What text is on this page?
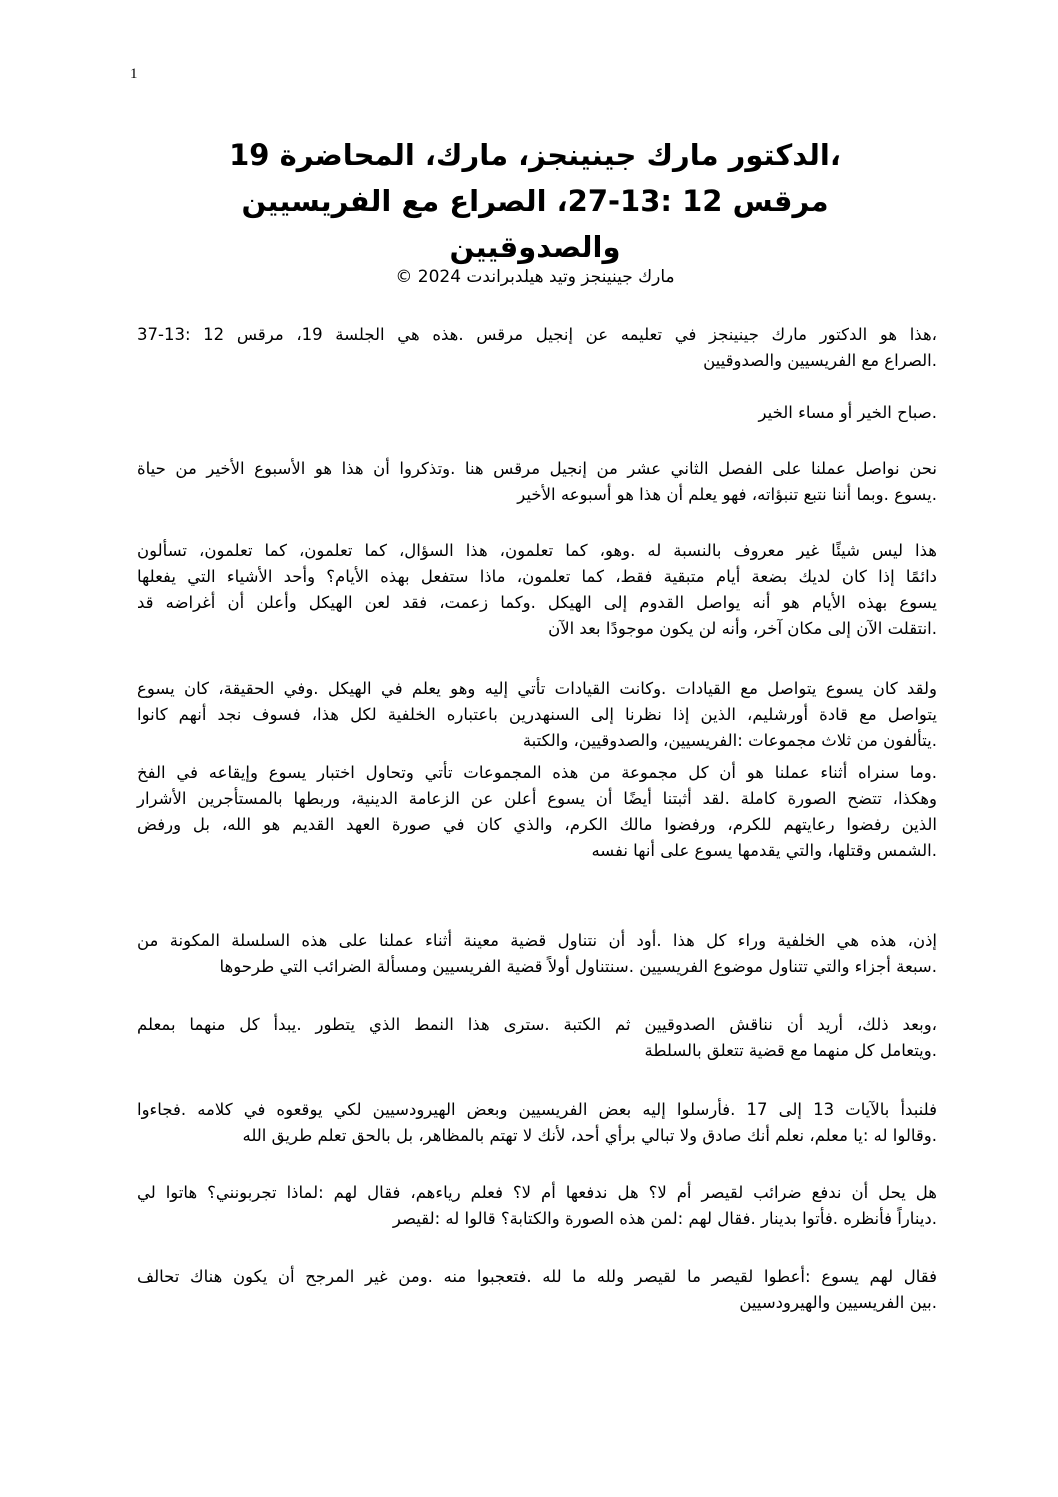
1
،الدكتور مارك جينينجز، مارك، المحاضرة 19
مرقس 12 :13-27، الصراع مع الفريسيين
والصدوقيين
مارك جينينجز وتيد هيلدبراندت 2024 ©
،هذا هو الدكتور مارك جينينجز في تعليمه عن إنجيل مرقس .هذه هي الجلسة 19، مرقس 12 :13-37
.الصراع مع الفريسيين والصدوقيين
.صباح الخير أو مساء الخير
نحن نواصل عملنا على الفصل الثاني عشر من إنجيل مرقس هنا .وتذكروا أن هذا هو الأسبوع الأخير من حياة
.يسوع .وبما أننا نتبع تنبؤاته، فهو يعلم أن هذا هو أسبوعه الأخير
هذا ليس شيئًا غير معروف بالنسبة له .وهو، كما تعلمون، هذا السؤال، كما تعلمون، كما تعلمون، تسألون
دائمًا إذا كان لديك بضعة أيام متبقية فقط، كما تعلمون، ماذا ستفعل بهذه الأيام؟ وأحد الأشياء التي يفعلها
يسوع بهذه الأيام هو أنه يواصل القدوم إلى الهيكل .وكما زعمت، فقد لعن الهيكل وأعلن أن أغراضه قد
.انتقلت الآن إلى مكان آخر، وأنه لن يكون موجودًا بعد الآن
ولقد كان يسوع يتواصل مع القيادات .وكانت القيادات تأتي إليه وهو يعلم في الهيكل .وفي الحقيقة، كان يسوع
يتواصل مع قادة أورشليم، الذين إذا نظرنا إلى السنهدرين باعتباره الخلفية لكل هذا، فسوف نجد أنهم كانوا
.يتألفون من ثلاث مجموعات :الفريسيين، والصدوقيين، والكتبة
.وما سنراه أثناء عملنا هو أن كل مجموعة من هذه المجموعات تأتي وتحاول اختبار يسوع وإيقاعه في الفخ
وهكذا، تتضح الصورة كاملة .لقد أثبتنا أيضًا أن يسوع أعلن عن الزعامة الدينية، وربطها بالمستأجرين الأشرار
الذين رفضوا رعايتهم للكرم، ورفضوا مالك الكرم، والذي كان في صورة العهد القديم هو الله، بل ورفض
.الشمس وقتلها، والتي يقدمها يسوع على أنها نفسه
إذن، هذه هي الخلفية وراء كل هذا .أود أن نتناول قضية معينة أثناء عملنا على هذه السلسلة المكونة من
.سبعة أجزاء والتي تتناول موضوع الفريسيين .سنتناول أولاً قضية الفريسيين ومسألة الضرائب التي طرحوها
،وبعد ذلك، أريد أن نناقش الصدوقيين ثم الكتبة .سترى هذا النمط الذي يتطور .يبدأ كل منهما بمعلم
.ويتعامل كل منهما مع قضية تتعلق بالسلطة
فلنبدأ بالآيات 13 إلى 17 .فأرسلوا إليه بعض الفريسيين وبعض الهيرودسيين لكي يوقعوه في كلامه .فجاءوا
.وقالوا له :يا معلم، نعلم أنك صادق ولا تبالي برأي أحد، لأنك لا تهتم بالمظاهر، بل بالحق تعلم طريق الله
هل يحل أن ندفع ضرائب لقيصر أم لا؟ هل ندفعها أم لا؟ فعلم رياءهم، فقال لهم :لماذا تجربونني؟ هاتوا لي
.ديناراً فأنظره .فأتوا بدينار .فقال لهم :لمن هذه الصورة والكتابة؟ قالوا له :لقيصر
فقال لهم يسوع :أعطوا لقيصر ما لقيصر ولله ما لله .فتعجبوا منه .ومن غير المرجح أن يكون هناك تحالف
.بين الفريسيين والهيرودسيين
